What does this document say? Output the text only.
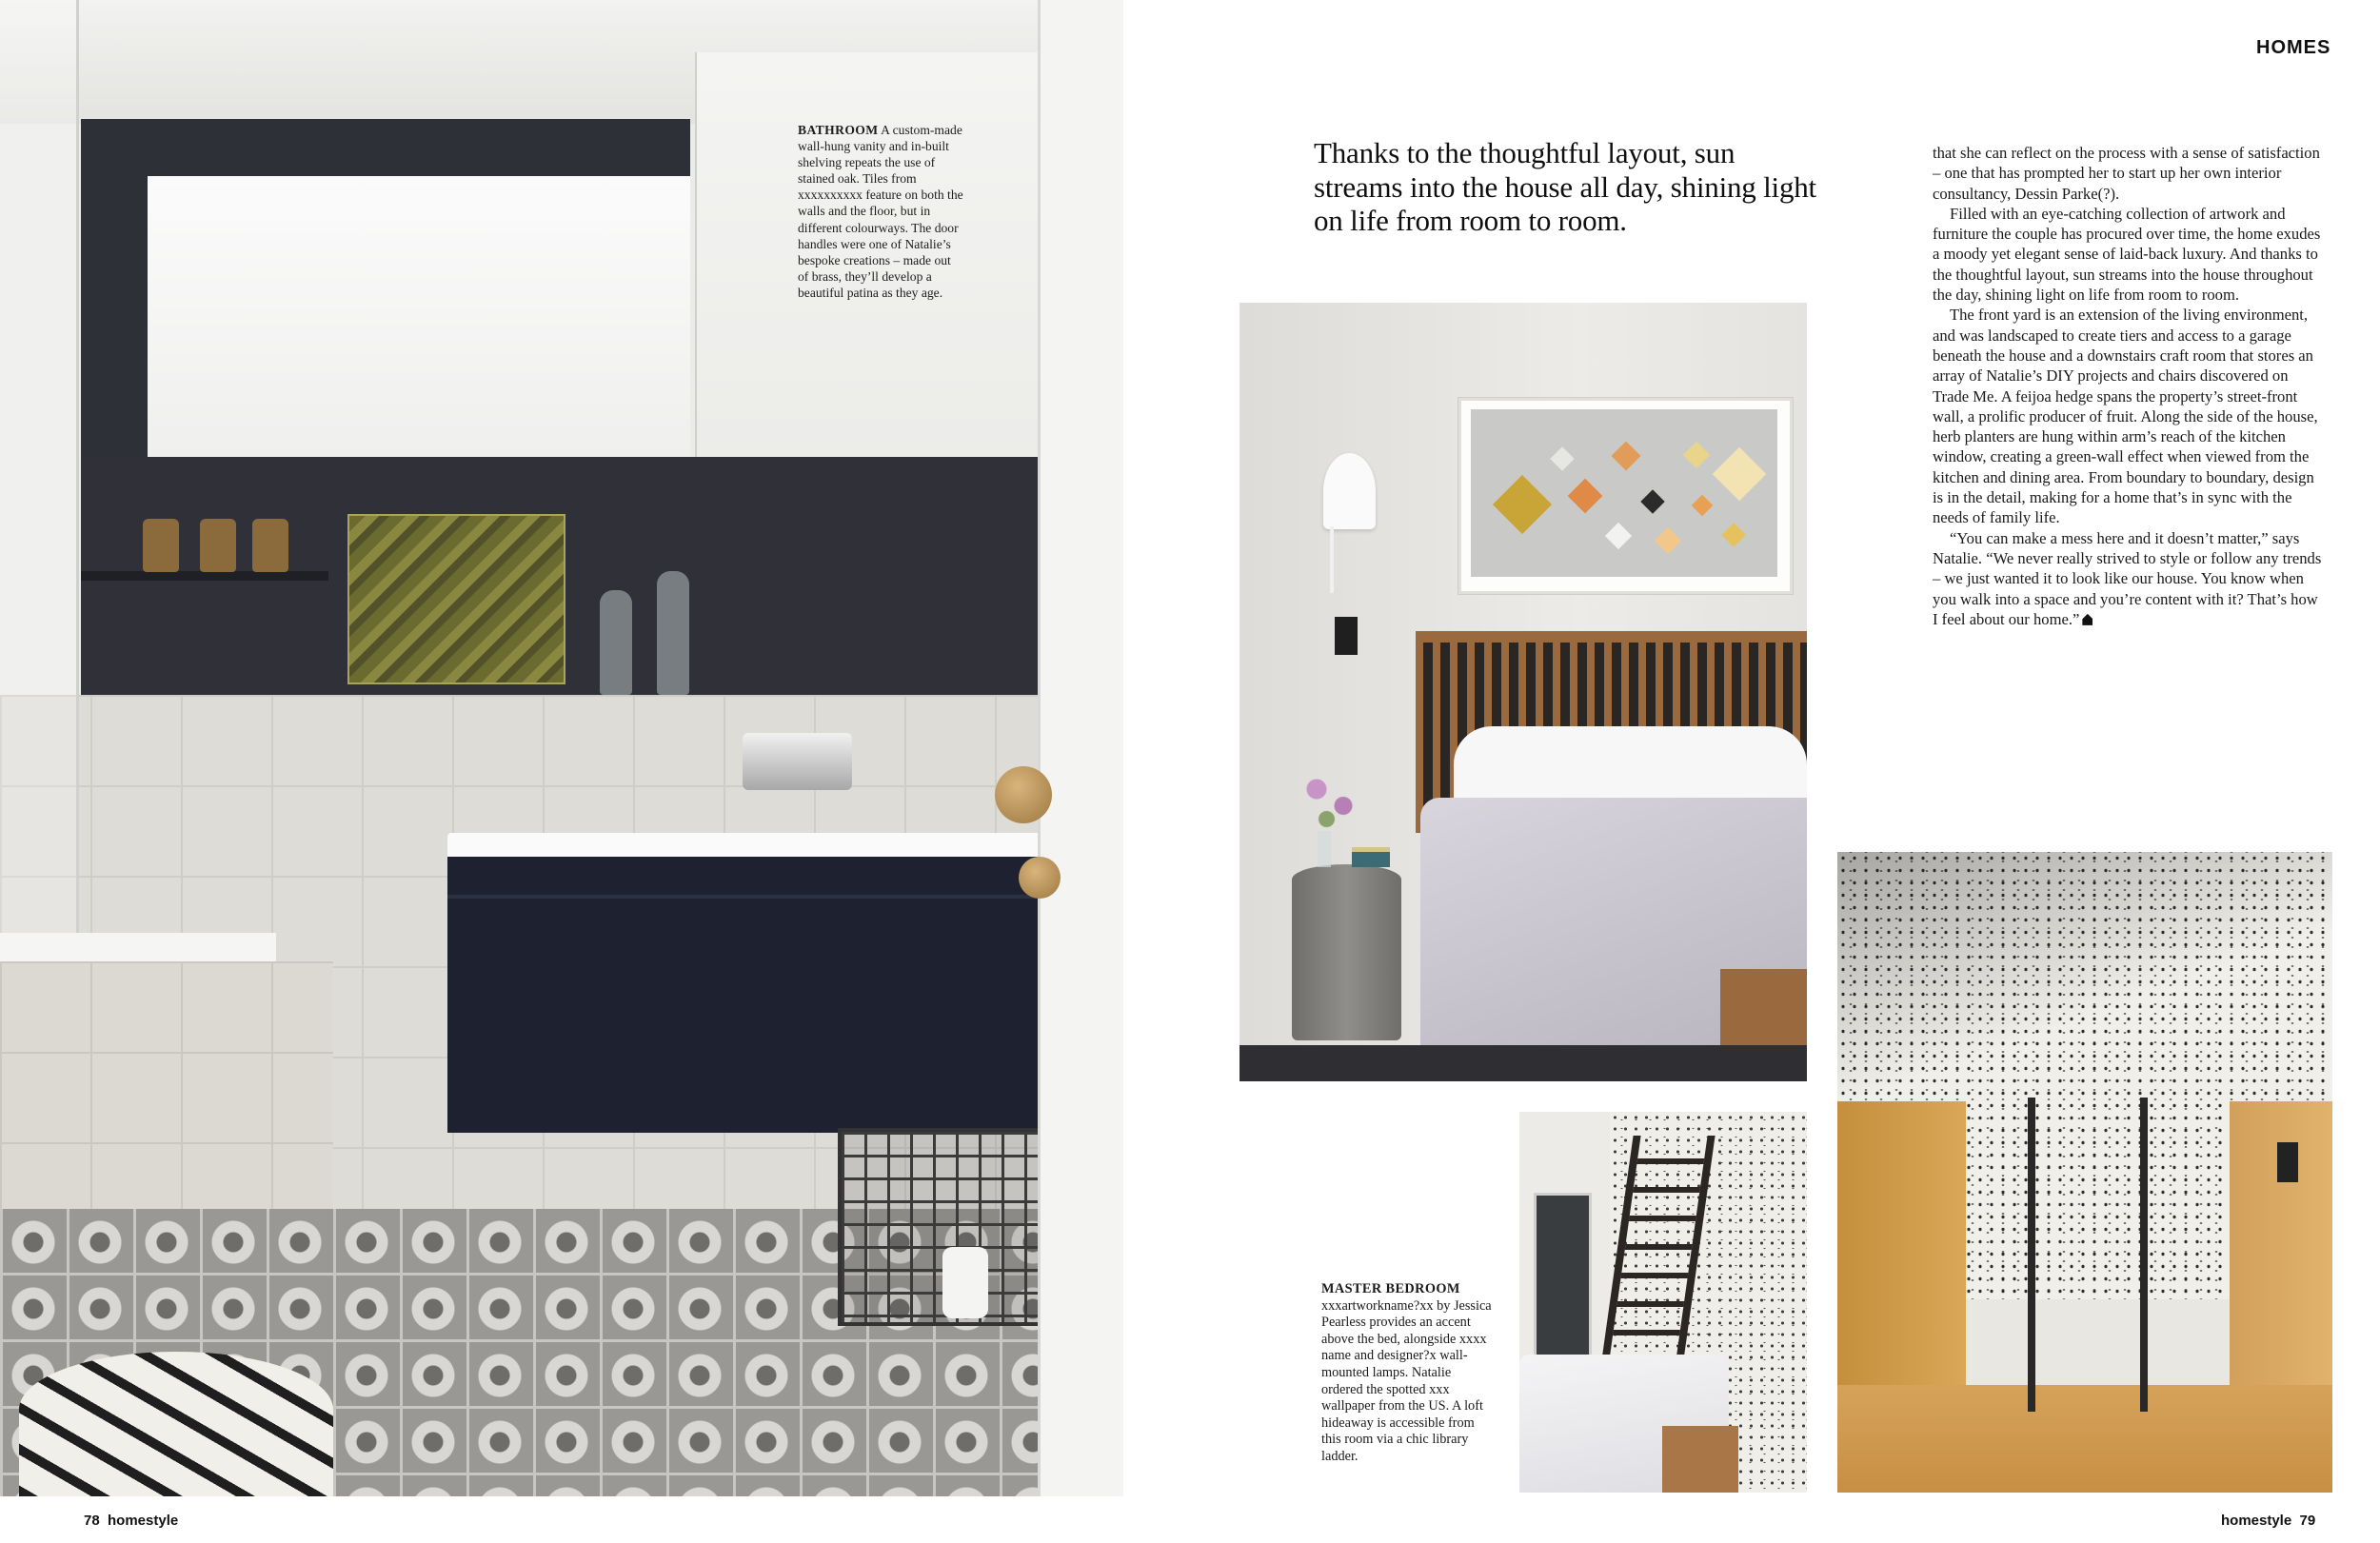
BATHROOM A custom-made wall-hung vanity and in-built shelving repeats the use of stained oak. Tiles from xxxxxxxxxx feature on both the walls and the floor, but in different colourways. The door handles were one of Natalie’s bespoke creations – made out of brass, they’ll develop a beautiful patina as they age.
78  homestyle
HOMES
Thanks to the thoughtful layout, sun streams into the house all day, shining light on life from room to room.

that she can reflect on the process with a sense of satisfaction – one that has prompted her to start up her own interior consultancy, Dessin Parke(?).

Filled with an eye-catching collection of artwork and furniture the couple has procured over time, the home exudes a moody yet elegant sense of laid-back luxury. And thanks to the thoughtful layout, sun streams into the house throughout the day, shining light on life from room to room.

The front yard is an extension of the living environment, and was landscaped to create tiers and access to a garage beneath the house and a downstairs craft room that stores an array of Natalie’s DIY projects and chairs discovered on Trade Me. A feijoa hedge spans the property’s street-front wall, a prolific producer of fruit. Along the side of the house, herb planters are hung within arm’s reach of the kitchen window, creating a green-wall effect when viewed from the kitchen and dining area. From boundary to boundary, design is in the detail, making for a home that’s in sync with the needs of family life.

“You can make a mess here and it doesn’t matter,” says Natalie. “We never really strived to style or follow any trends – we just wanted it to look like our house. You know when you walk into a space and you’re content with it? That’s how I feel about our home.”

MASTER BEDROOM
xxxartworkname?xx by Jessica Pearless provides an accent above the bed, alongside xxxx name and designer?x wall-mounted lamps. Natalie ordered the spotted xxx wallpaper from the US. A loft hideaway is accessible from this room via a chic library ladder.
homestyle  79
